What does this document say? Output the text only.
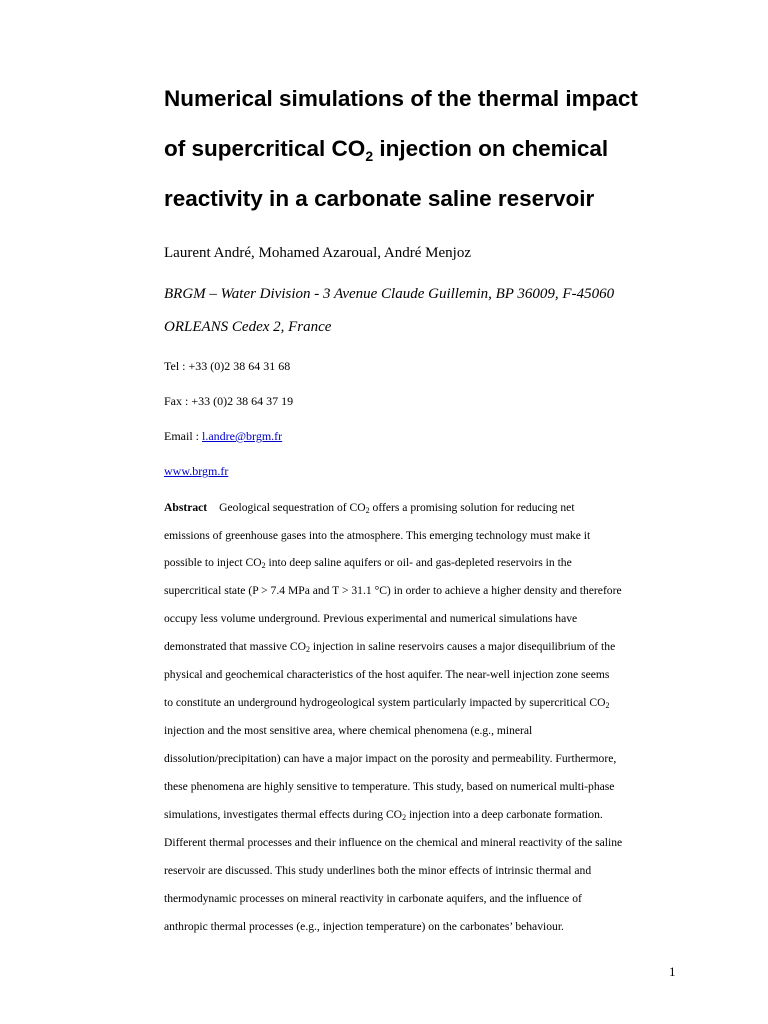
Numerical simulations of the thermal impact
of supercritical $CO_2$ injection on chemical
reactivity in a carbonate saline reservoir
Laurent André, Mohamed Azaroual, André Menjoz
BRGM – Water Division - 3 Avenue Claude Guillemin, BP 36009, F-45060
ORLEANS Cedex 2, France
Tel : +33 (0)2 38 64 31 68
Fax : +33 (0)2 38 64 37 19
Email : l.andre@brgm.fr
www.brgm.fr
Abstract Geological sequestration of CO2 offers a promising solution for reducing net
emissions of greenhouse gases into the atmosphere. This emerging technology must make it
possible to inject CO2 into deep saline aquifers or oil- and gas-depleted reservoirs in the
supercritical state (P > 7.4 MPa and T > 31.1 °C) in order to achieve a higher density and therefore
occupy less volume underground. Previous experimental and numerical simulations have
demonstrated that massive CO2 injection in saline reservoirs causes a major disequilibrium of the
physical and geochemical characteristics of the host aquifer. The near-well injection zone seems
to constitute an underground hydrogeological system particularly impacted by supercritical CO2
injection and the most sensitive area, where chemical phenomena (e.g., mineral
dissolution/precipitation) can have a major impact on the porosity and permeability. Furthermore,
these phenomena are highly sensitive to temperature. This study, based on numerical multi-phase
simulations, investigates thermal effects during CO2 injection into a deep carbonate formation.
Different thermal processes and their influence on the chemical and mineral reactivity of the saline
reservoir are discussed. This study underlines both the minor effects of intrinsic thermal and
thermodynamic processes on mineral reactivity in carbonate aquifers, and the influence of
anthropic thermal processes (e.g., injection temperature) on the carbonates’ behaviour.
1
